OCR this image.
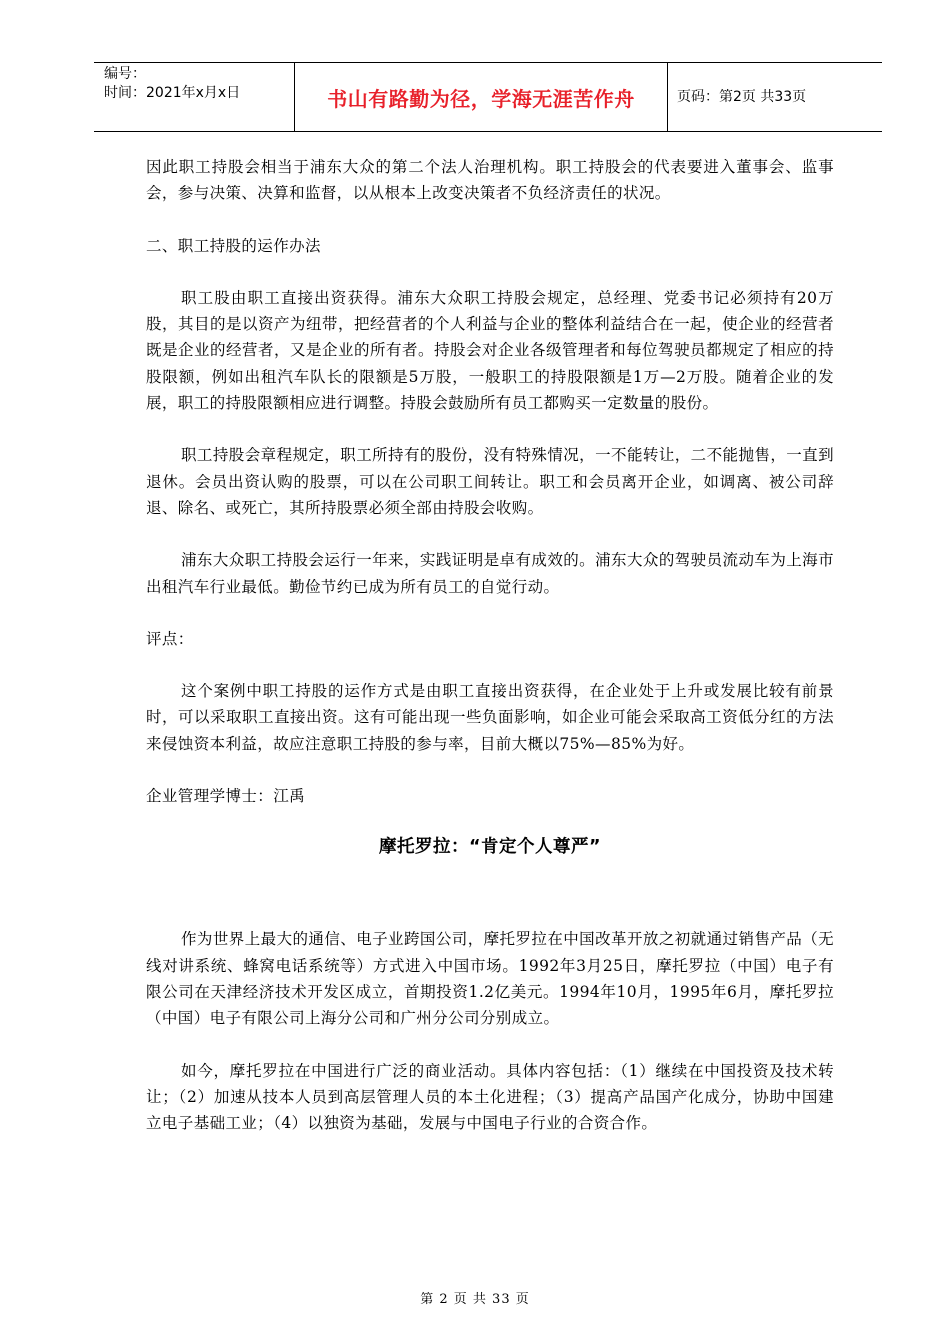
编号：
时间：2021年x月x日	书山有路勤为径，学海无涯苦作舟	页码：第2页 共33页

因此职工持股会相当于浦东大众的第二个法人治理机构。职工持股会的代表要进入董事会、监事会，参与决策、决算和监督，以从根本上改变决策者不负经济责任的状况。

二、职工持股的运作办法

职工股由职工直接出资获得。浦东大众职工持股会规定，总经理、党委书记必须持有20万股，其目的是以资产为纽带，把经营者的个人利益与企业的整体利益结合在一起，使企业的经营者既是企业的经营者，又是企业的所有者。持股会对企业各级管理者和每位驾驶员都规定了相应的持股限额，例如出租汽车队长的限额是5万股，一般职工的持股限额是1万—2万股。随着企业的发展，职工的持股限额相应进行调整。持股会鼓励所有员工都购买一定数量的股份。

职工持股会章程规定，职工所持有的股份，没有特殊情况，一不能转让，二不能抛售，一直到退休。会员出资认购的股票，可以在公司职工间转让。职工和会员离开企业，如调离、被公司辞退、除名、或死亡，其所持股票必须全部由持股会收购。

浦东大众职工持股会运行一年来，实践证明是卓有成效的。浦东大众的驾驶员流动车为上海市出租汽车行业最低。勤俭节约已成为所有员工的自觉行动。

评点：

这个案例中职工持股的运作方式是由职工直接出资获得，在企业处于上升或发展比较有前景时，可以采取职工直接出资。这有可能出现一些负面影响，如企业可能会采取高工资低分红的方法来侵蚀资本利益，故应注意职工持股的参与率，目前大概以75%—85%为好。

企业管理学博士：江禹

摩托罗拉：“肯定个人尊严”

作为世界上最大的通信、电子业跨国公司，摩托罗拉在中国改革开放之初就通过销售产品（无线对讲系统、蜂窝电话系统等）方式进入中国市场。1992年3月25日，摩托罗拉（中国）电子有限公司在天津经济技术开发区成立，首期投资1.2亿美元。1994年10月，1995年6月，摩托罗拉（中国）电子有限公司上海分公司和广州分公司分别成立。

如今，摩托罗拉在中国进行广泛的商业活动。具体内容包括：（1）继续在中国投资及技术转让；（2）加速从技本人员到高层管理人员的本土化进程；（3）提高产品国产化成分，协助中国建立电子基础工业；（4）以独资为基础，发展与中国电子行业的合资合作。

第 2 页 共 33 页
